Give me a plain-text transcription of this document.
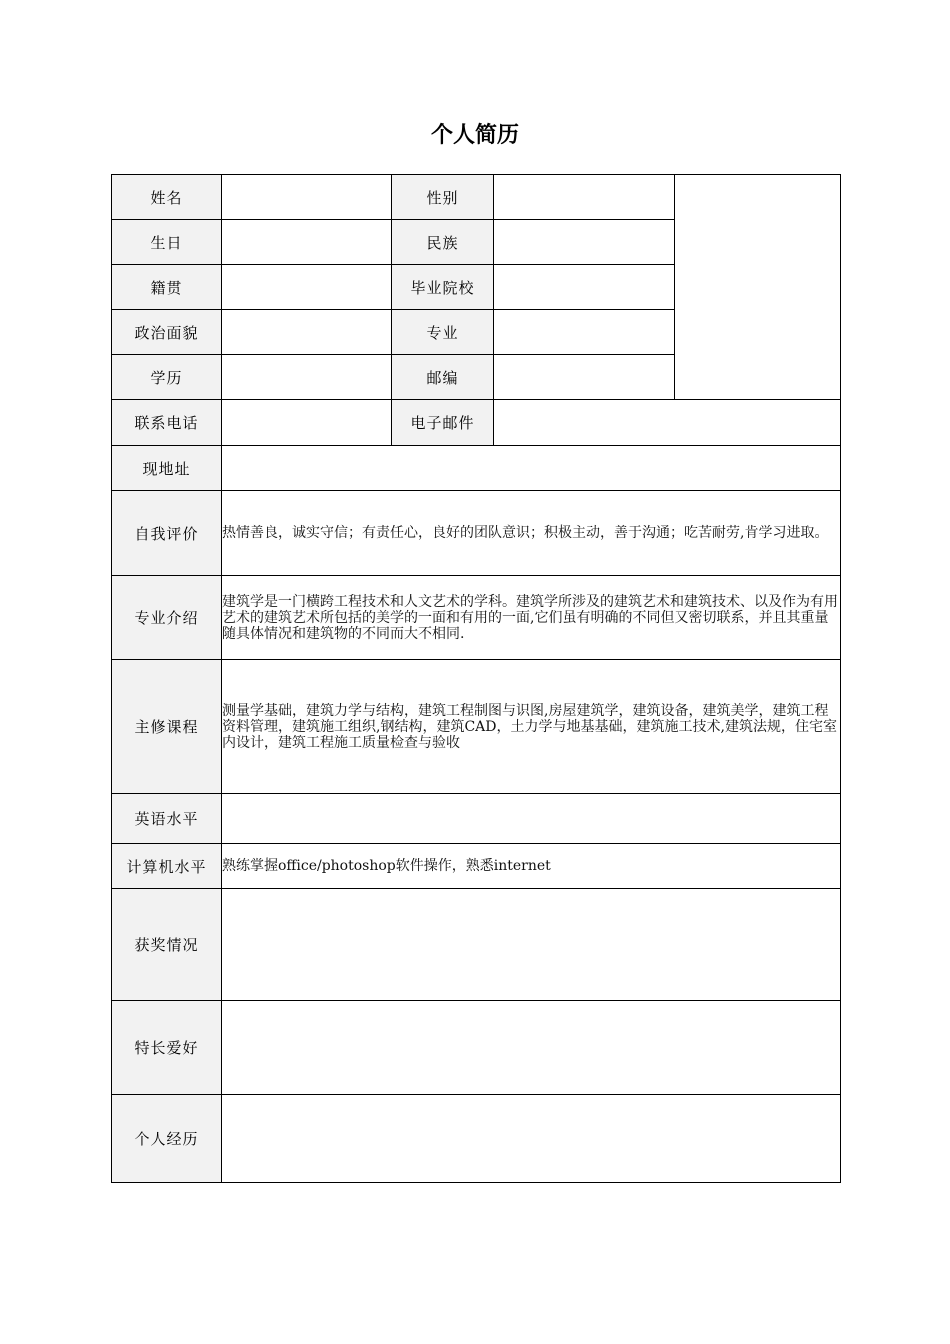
个人简历
姓名		性别		
生日		民族		
籍贯		毕业院校		
政治面貌		专业		
学历		邮编		
联系电话		电子邮件		
现地址				
自我评价	热情善良，诚实守信；有责任心，良好的团队意识；积极主动，善于沟通；吃苦耐劳,肯学习进取。			
专业介绍	建筑学是一门横跨工程技术和人文艺术的学科。建筑学所涉及的建筑艺术和建筑技术、以及作为有用艺术的建筑艺术所包括的美学的一面和有用的一面,它们虽有明确的不同但又密切联系，并且其重量随具体情况和建筑物的不同而大不相同.			
主修课程	测量学基础，建筑力学与结构，建筑工程制图与识图,房屋建筑学，建筑设备，建筑美学，建筑工程资料管理，建筑施工组织,钢结构，建筑CAD，土力学与地基基础，建筑施工技术,建筑法规，住宅室内设计，建筑工程施工质量检查与验收			
英语水平				
计算机水平	熟练掌握office/photoshop软件操作，熟悉internet			
获奖情况				
特长爱好				
个人经历				
